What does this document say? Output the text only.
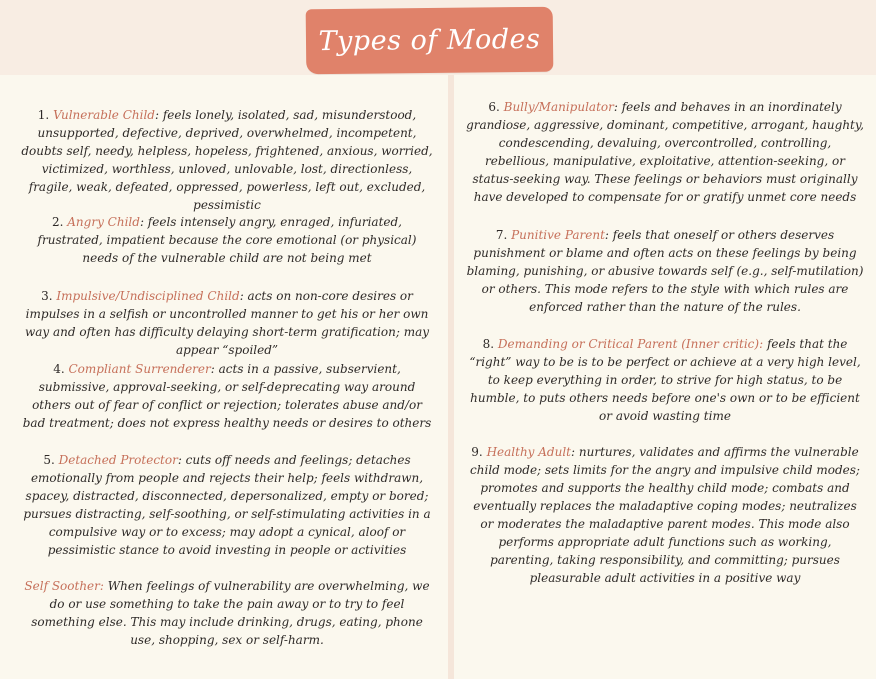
Types of Modes
1. Vulnerable Child: feels lonely, isolated, sad, misunderstood, unsupported, defective, deprived, overwhelmed, incompetent, doubts self, needy, helpless, hopeless, frightened, anxious, worried, victimized, worthless, unloved, unlovable, lost, directionless, fragile, weak, defeated, oppressed, powerless, left out, excluded, pessimistic
2. Angry Child: feels intensely angry, enraged, infuriated, frustrated, impatient because the core emotional (or physical) needs of the vulnerable child are not being met
3. Impulsive/Undisciplined Child: acts on non-core desires or impulses in a selfish or uncontrolled manner to get his or her own way and often has difficulty delaying short-term gratification; may appear “spoiled”
4. Compliant Surrenderer: acts in a passive, subservient, submissive, approval-seeking, or self-deprecating way around others out of fear of conflict or rejection; tolerates abuse and/or bad treatment; does not express healthy needs or desires to others
5. Detached Protector: cuts off needs and feelings; detaches emotionally from people and rejects their help; feels withdrawn, spacey, distracted, disconnected, depersonalized, empty or bored; pursues distracting, self-soothing, or self-stimulating activities in a compulsive way or to excess; may adopt a cynical, aloof or pessimistic stance to avoid investing in people or activities
Self Soother: When feelings of vulnerability are overwhelming, we do or use something to take the pain away or to try to feel something else. This may include drinking, drugs, eating, phone use, shopping, sex or self-harm.
6. Bully/Manipulator: feels and behaves in an inordinately grandiose, aggressive, dominant, competitive, arrogant, haughty, condescending, devaluing, overcontrolled, controlling, rebellious, manipulative, exploitative, attention-seeking, or status-seeking way. These feelings or behaviors must originally have developed to compensate for or gratify unmet core needs
7. Punitive Parent: feels that oneself or others deserves punishment or blame and often acts on these feelings by being blaming, punishing, or abusive towards self (e.g., self-mutilation) or others. This mode refers to the style with which rules are enforced rather than the nature of the rules.
8. Demanding or Critical Parent (Inner critic): feels that the “right” way to be is to be perfect or achieve at a very high level, to keep everything in order, to strive for high status, to be humble, to puts others needs before one's own or to be efficient or avoid wasting time
9. Healthy Adult: nurtures, validates and affirms the vulnerable child mode; sets limits for the angry and impulsive child modes; promotes and supports the healthy child mode; combats and eventually replaces the maladaptive coping modes; neutralizes or moderates the maladaptive parent modes. This mode also performs appropriate adult functions such as working, parenting, taking responsibility, and committing; pursues pleasurable adult activities in a positive way
